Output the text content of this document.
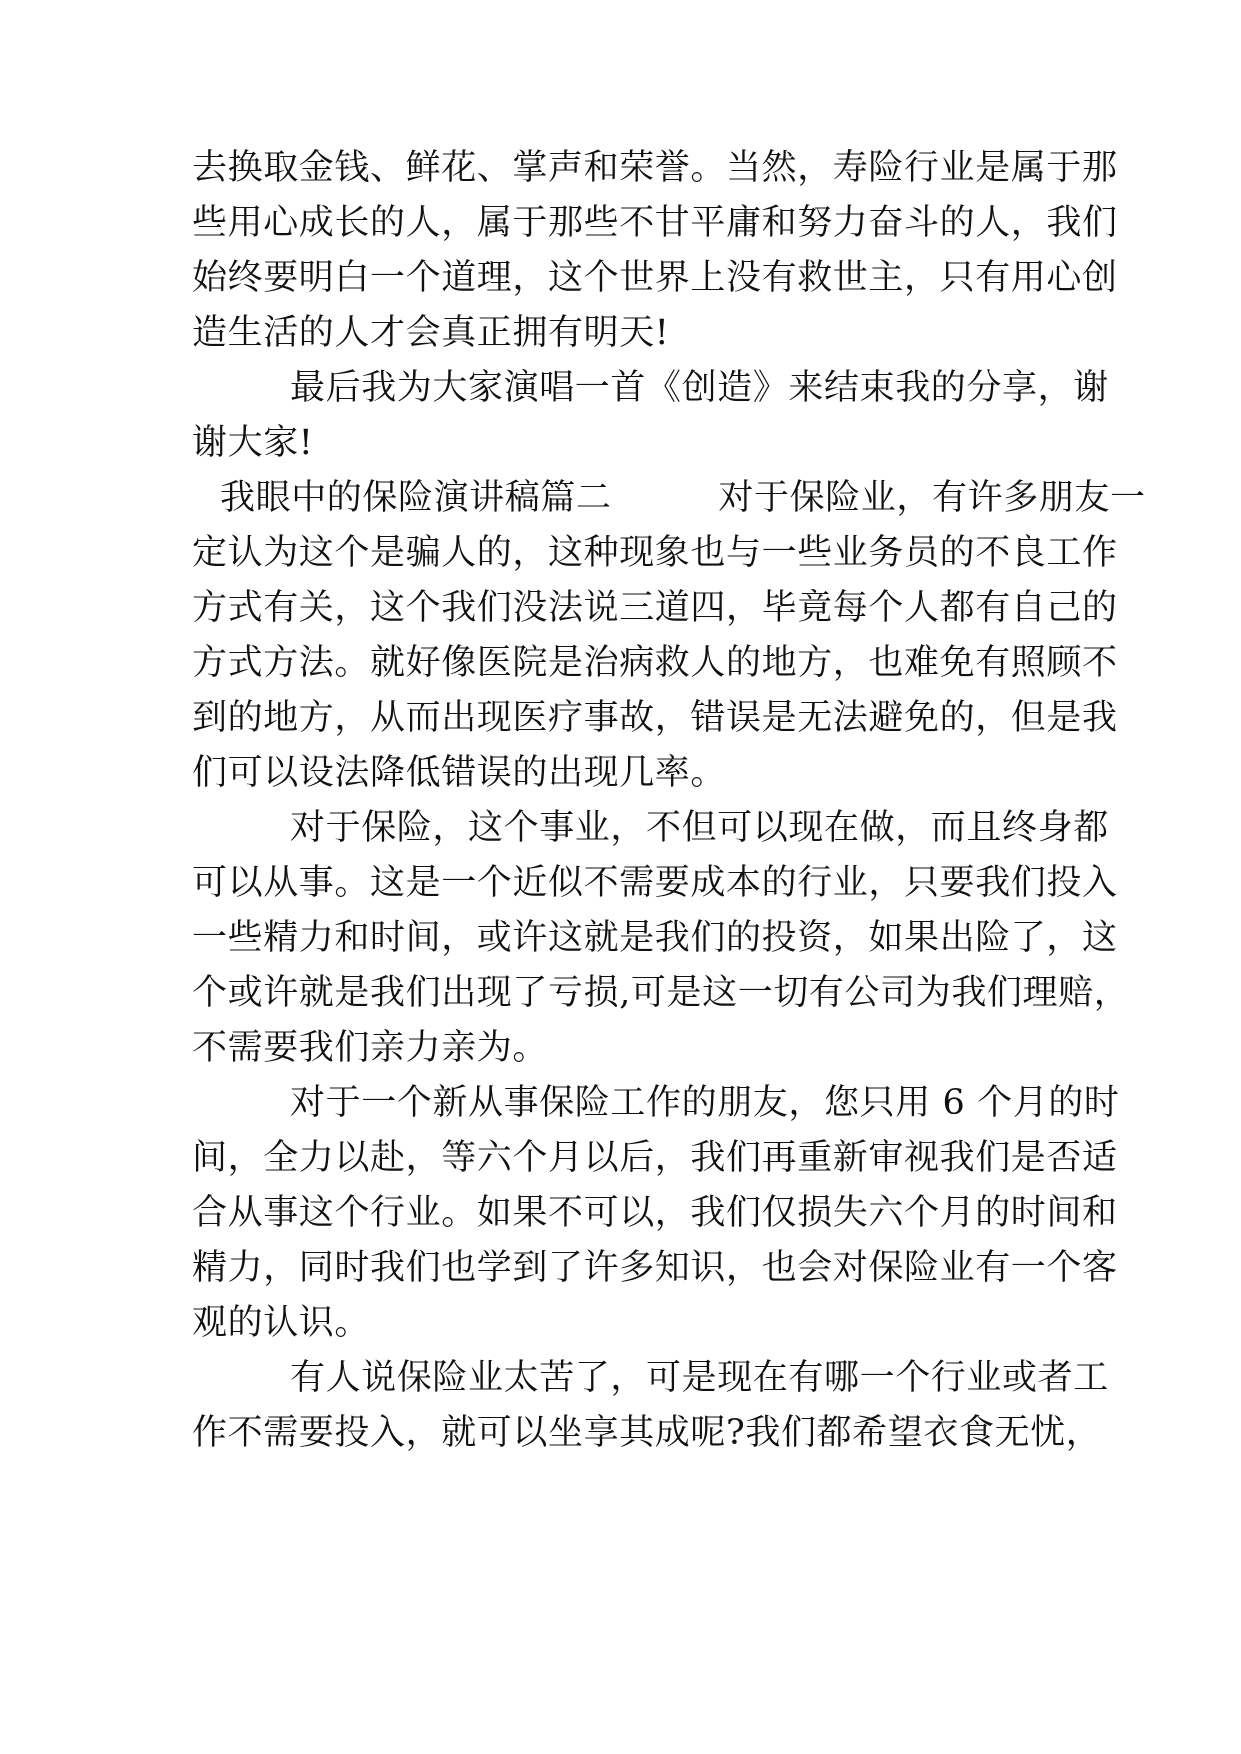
去换取金钱、鲜花、掌声和荣誉。当然，寿险行业是属于那
些用心成长的人，属于那些不甘平庸和努力奋斗的人，我们
始终要明白一个道理，这个世界上没有救世主，只有用心创
造生活的人才会真正拥有明天!
最后我为大家演唱一首《创造》来结束我的分享，谢
谢大家!
我眼中的保险演讲稿篇二　　　对于保险业，有许多朋友一
定认为这个是骗人的，这种现象也与一些业务员的不良工作
方式有关，这个我们没法说三道四，毕竟每个人都有自己的
方式方法。就好像医院是治病救人的地方，也难免有照顾不
到的地方，从而出现医疗事故，错误是无法避免的，但是我
们可以设法降低错误的出现几率。
对于保险，这个事业，不但可以现在做，而且终身都
可以从事。这是一个近似不需要成本的行业，只要我们投入
一些精力和时间，或许这就是我们的投资，如果出险了，这
个或许就是我们出现了亏损,可是这一切有公司为我们理赔，
不需要我们亲力亲为。
对于一个新从事保险工作的朋友，您只用 6 个月的时
间，全力以赴，等六个月以后，我们再重新审视我们是否适
合从事这个行业。如果不可以，我们仅损失六个月的时间和
精力，同时我们也学到了许多知识，也会对保险业有一个客
观的认识。
有人说保险业太苦了，可是现在有哪一个行业或者工
作不需要投入，就可以坐享其成呢?我们都希望衣食无忧，
